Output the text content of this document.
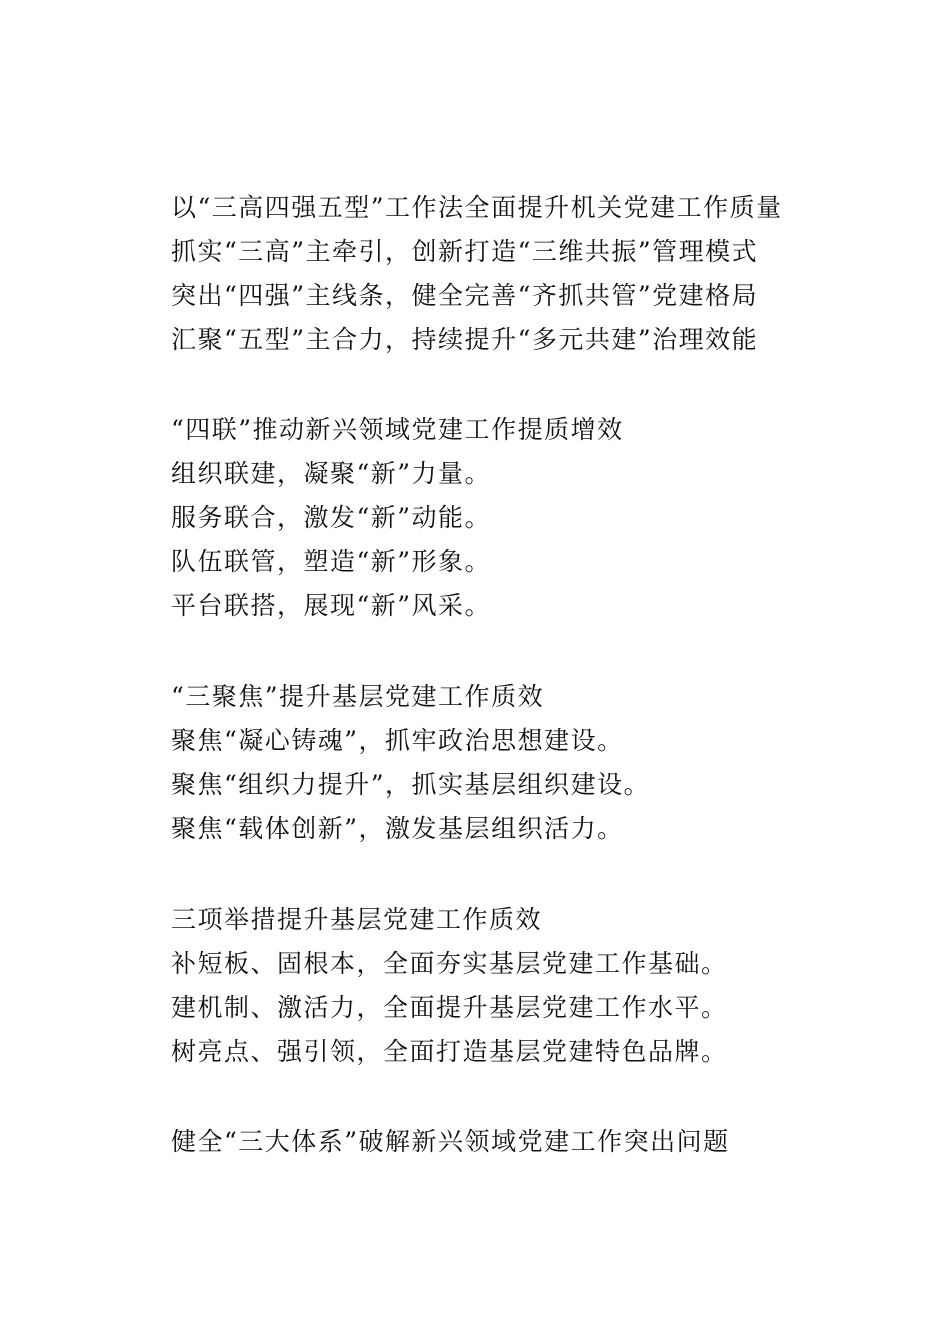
以“三高四强五型”工作法全面提升机关党建工作质量
抓实“三高”主牵引，创新打造“三维共振”管理模式
突出“四强”主线条，健全完善“齐抓共管”党建格局
汇聚“五型”主合力，持续提升“多元共建”治理效能
“四联”推动新兴领域党建工作提质增效
组织联建，凝聚“新”力量。
服务联合，激发“新”动能。
队伍联管，塑造“新”形象。
平台联搭，展现“新”风采。
“三聚焦”提升基层党建工作质效
聚焦“凝心铸魂”，抓牢政治思想建设。
聚焦“组织力提升”，抓实基层组织建设。
聚焦“载体创新”，激发基层组织活力。
三项举措提升基层党建工作质效
补短板、固根本，全面夯实基层党建工作基础。
建机制、激活力，全面提升基层党建工作水平。
树亮点、强引领，全面打造基层党建特色品牌。
健全“三大体系”破解新兴领域党建工作突出问题
